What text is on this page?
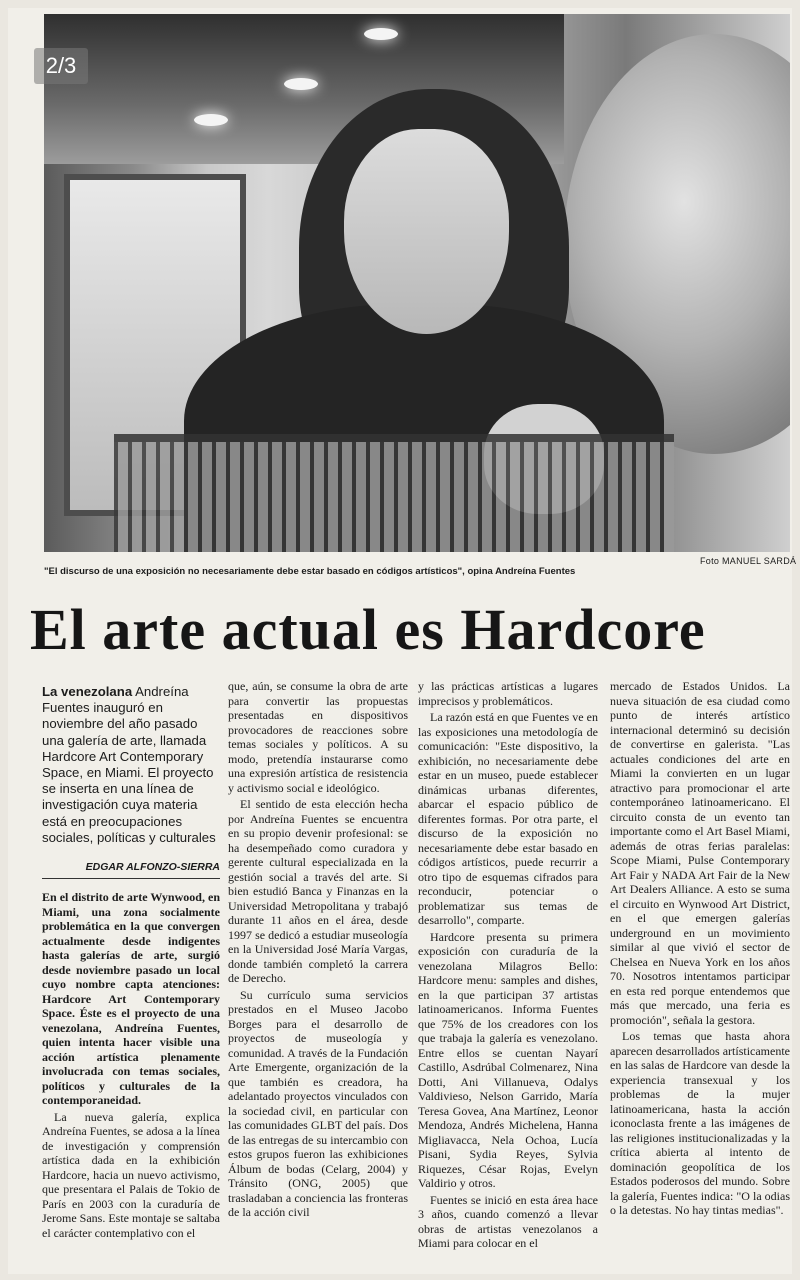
2/3
Foto MANUEL SARDÁ
"El discurso de una exposición no necesariamente debe estar basado en códigos artísticos", opina Andreína Fuentes
El arte actual es Hardcore
La venezolana Andreína Fuentes inauguró en noviembre del año pasado una galería de arte, llamada Hardcore Art Contemporary Space, en Miami. El proyecto se inserta en una línea de investigación cuya materia está en preocupaciones sociales, políticas y culturales
EDGAR ALFONZO-SIERRA

En el distrito de arte Wynwood, en Miami, una zona socialmente problemática en la que convergen actualmente desde indigentes hasta galerías de arte, surgió desde noviembre pasado un local cuyo nombre capta atenciones: Hardcore Art Contemporary Space. Éste es el proyecto de una venezolana, Andreína Fuentes, quien intenta hacer visible una acción artística plenamente involucrada con temas sociales, políticos y culturales de la contemporaneidad.

La nueva galería, explica Andreína Fuentes, se adosa a la línea de investigación y comprensión artística dada en la exhibición Hardcore, hacia un nuevo activismo, que presentara el Palais de Tokio de París en 2003 con la curaduría de Jerome Sans. Este montaje se saltaba el carácter contemplativo con el

que, aún, se consume la obra de arte para convertir las propuestas presentadas en dispositivos provocadores de reacciones sobre temas sociales y políticos. A su modo, pretendía instaurarse como una expresión artística de resistencia y activismo social e ideológico.

El sentido de esta elección hecha por Andreína Fuentes se encuentra en su propio devenir profesional: se ha desempeñado como curadora y gerente cultural especializada en la gestión social a través del arte. Si bien estudió Banca y Finanzas en la Universidad Metropolitana y trabajó durante 11 años en el área, desde 1997 se dedicó a estudiar museología en la Universidad José María Vargas, donde también completó la carrera de Derecho.

Su currículo suma servicios prestados en el Museo Jacobo Borges para el desarrollo de proyectos de museología y comunidad. A través de la Fundación Arte Emergente, organización de la que también es creadora, ha adelantado proyectos vinculados con la sociedad civil, en particular con las comunidades GLBT del país. Dos de las entregas de su intercambio con estos grupos fueron las exhibiciones Álbum de bodas (Celarg, 2004) y Tránsito (ONG, 2005) que trasladaban a conciencia las fronteras de la acción civil

y las prácticas artísticas a lugares imprecisos y problemáticos.

La razón está en que Fuentes ve en las exposiciones una metodología de comunicación: "Este dispositivo, la exhibición, no necesariamente debe estar en un museo, puede establecer dinámicas urbanas diferentes, abarcar el espacio público de diferentes formas. Por otra parte, el discurso de la exposición no necesariamente debe estar basado en códigos artísticos, puede recurrir a otro tipo de esquemas cifrados para reconducir, potenciar o problematizar sus temas de desarrollo", comparte.

Hardcore presenta su primera exposición con curaduría de la venezolana Milagros Bello: Hardcore menu: samples and dishes, en la que participan 37 artistas latinoamericanos. Informa Fuentes que 75% de los creadores con los que trabaja la galería es venezolano. Entre ellos se cuentan Nayarí Castillo, Asdrúbal Colmenarez, Nina Dotti, Ani Villanueva, Odalys Valdivieso, Nelson Garrido, María Teresa Govea, Ana Martínez, Leonor Mendoza, Andrés Michelena, Hanna Migliavacca, Nela Ochoa, Lucía Pisani, Sydia Reyes, Sylvia Riquezes, César Rojas, Evelyn Valdirio y otros.

Fuentes se inició en esta área hace 3 años, cuando comenzó a llevar obras de artistas venezolanos a Miami para colocar en el

mercado de Estados Unidos. La nueva situación de esa ciudad como punto de interés artístico internacional determinó su decisión de convertirse en galerista. "Las actuales condiciones del arte en Miami la convierten en un lugar atractivo para promocionar el arte contemporáneo latinoamericano. El circuito consta de un evento tan importante como el Art Basel Miami, además de otras ferias paralelas: Scope Miami, Pulse Contemporary Art Fair y NADA Art Fair de la New Art Dealers Alliance. A esto se suma el circuito en Wynwood Art District, en el que emergen galerías underground en un movimiento similar al que vivió el sector de Chelsea en Nueva York en los años 70. Nosotros intentamos participar en esta red porque entendemos que más que mercado, una feria es promoción", señala la gestora.

Los temas que hasta ahora aparecen desarrollados artísticamente en las salas de Hardcore van desde la experiencia transexual y los problemas de la mujer latinoamericana, hasta la acción iconoclasta frente a las imágenes de las religiones institucionalizadas y la crítica abierta al intento de dominación geopolítica de los Estados poderosos del mundo. Sobre la galería, Fuentes indica: "O la odias o la detestas. No hay tintas medias".
